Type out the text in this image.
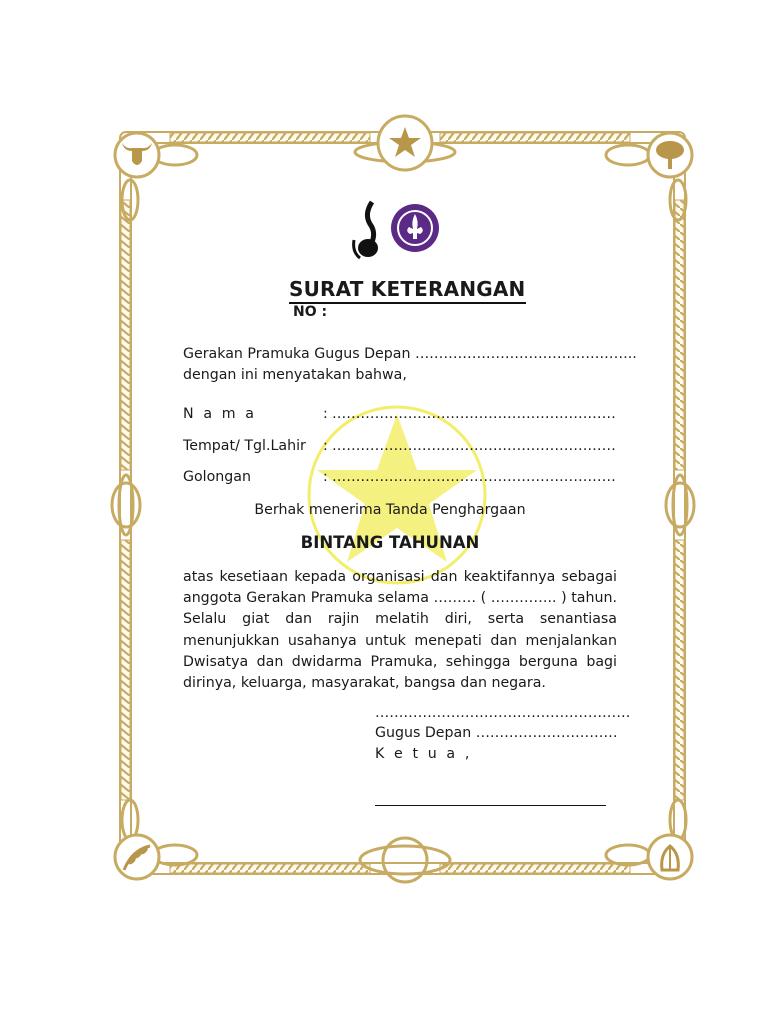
SURAT KETERANGAN
NO :
Gerakan Pramuka Gugus Depan ………………………………………..
dengan ini menyatakan bahwa,
N a m a	: ……………………………………………………
Tempat/ Tgl.Lahir : ……………………………………………………
Golongan	: ……………………………………………………
Berhak menerima Tanda Penghargaan
BINTANG TAHUNAN
atas kesetiaan kepada organisasi dan keaktifannya sebagai
anggota Gerakan Pramuka selama ……… ( ………….. ) tahun.
Selalu giat dan rajin melatih diri, serta senantiasa
menunjukkan usahanya untuk menepati dan menjalankan
Dwisatya dan dwidarma Pramuka, sehingga berguna bagi
dirinya, keluarga, masyarakat, bangsa dan negara.
………………………………………………
Gugus Depan …………………………
K e t u a ,
